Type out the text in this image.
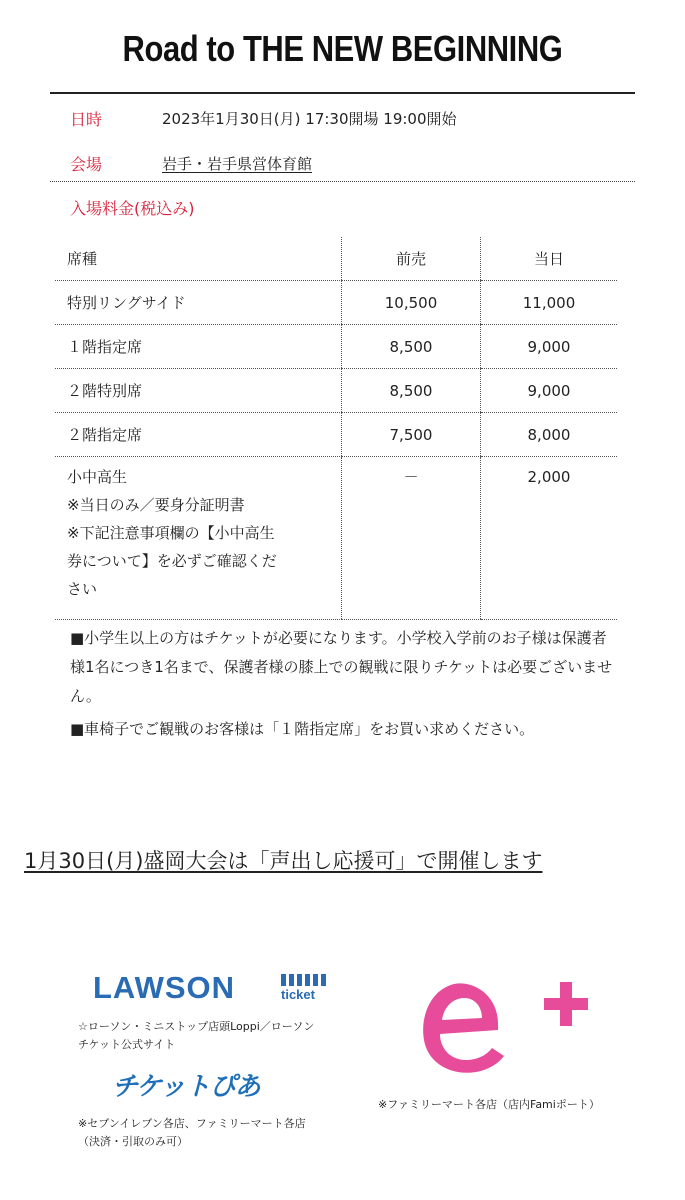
Road to THE NEW BEGINNING
日時	2023年1月30日(月) 17:30開場 19:00開始
会場	岩手・岩手県営体育館
入場料金(税込み)
席種	前売	当日
特別リングサイド	10,500	11,000
１階指定席	8,500	9,000
２階特別席	8,500	9,000
２階指定席	7,500	8,000

小中高生
※当日のみ／要身分証明書
※下記注意事項欄の【小中高生
券について】を必ずご確認くだ
さい	－	2,000

■小学生以上の方はチケットが必要になります。小学校入学前のお子様は保護者様1名につき1名まで、保護者様の膝上での観戦に限りチケットは必要ございません。

■車椅子でご観戦のお客様は「１階指定席」をお買い求めください。

1月30日(月)盛岡大会は「声出し応援可」で開催します
LAWSON	ticket
☆ローソン・ミニストップ店頭Loppi／ローソン
チケット公式サイト
チケットぴあ
※セブンイレブン各店、ファミリーマート各店
（決済・引取のみ可）
※ファミリーマート各店（店内Famiポート）
